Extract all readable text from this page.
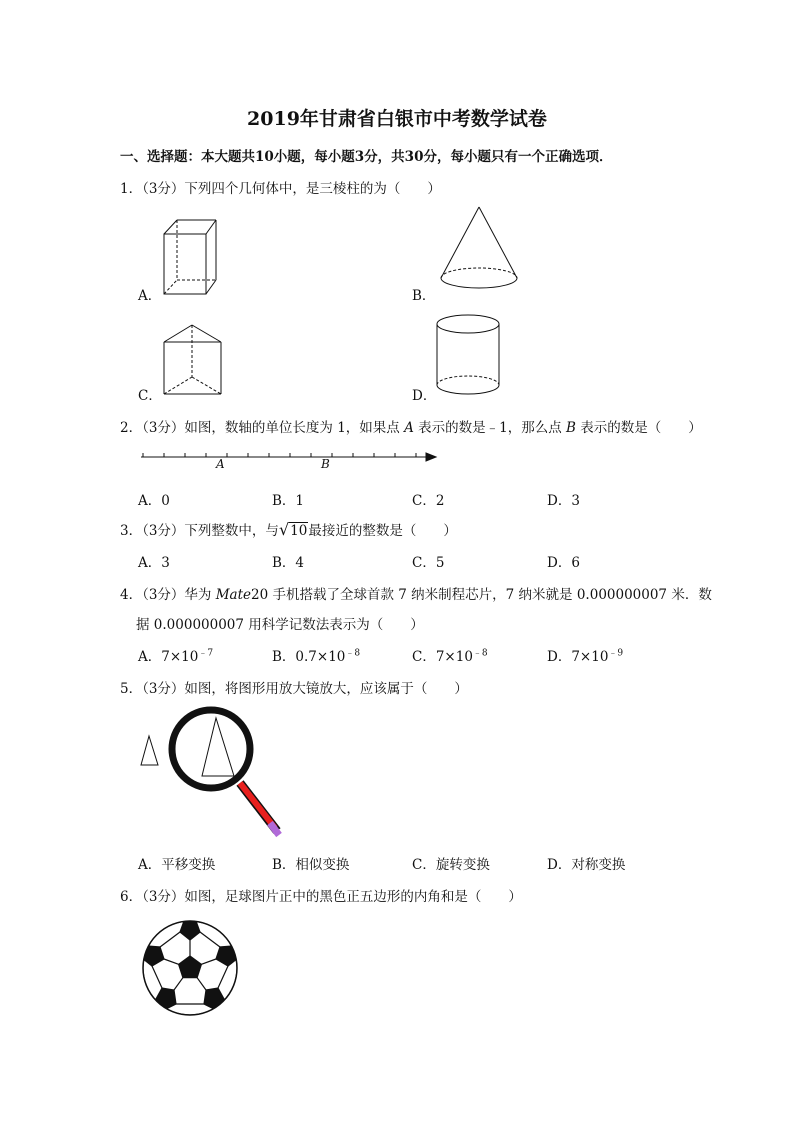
2019年甘肃省白银市中考数学试卷
一、选择题：本大题共10小题，每小题3分，共30分，每小题只有一个正确选项．
1．（3分）下列四个几何体中，是三棱柱的为（　　）
A．	B．
C．	D．
2．（3分）如图，数轴的单位长度为 1，如果点 A 表示的数是﹣1，那么点 B 表示的数是（　　）
A	B
A．0	B．1	C．2	D．3
3．（3分）下列整数中，与√10最接近的整数是（　　）
A．3	B．4	C．5	D．6
4．（3分）华为 Mate20 手机搭载了全球首款 7 纳米制程芯片，7 纳米就是 0.000000007 米．数
据 0.000000007 用科学记数法表示为（　　）
A．$7\times 10^{﹣7}$	B．$0.7\times 10^{﹣8}$	C．$7\times 10^{﹣8}$	D．$7\times 10^{﹣9}$
5．（3分）如图，将图形用放大镜放大，应该属于（　　）
A．平移变换	B．相似变换	C．旋转变换	D．对称变换
6．（3分）如图，足球图片正中的黑色正五边形的内角和是（　　）
